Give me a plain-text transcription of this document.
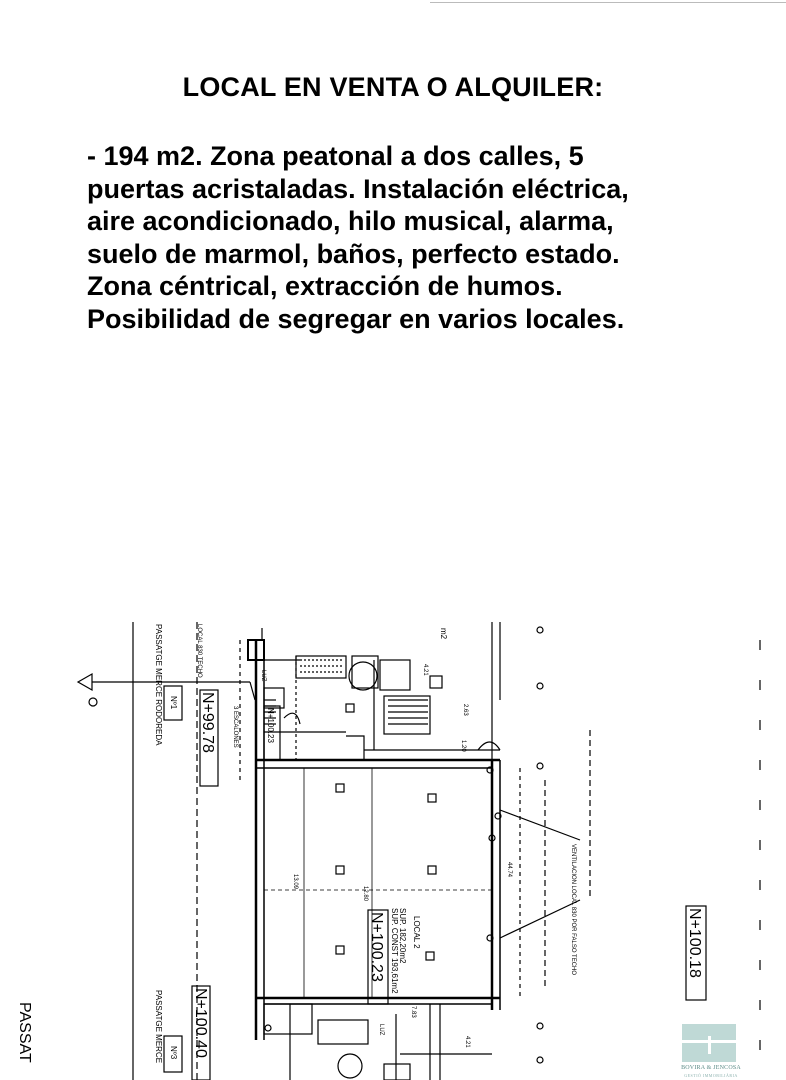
LOCAL EN VENTA O ALQUILER:
- 194 m2. Zona peatonal a dos calles, 5
puertas acristaladas. Instalación eléctrica,
aire acondicionado, hilo musical, alarma,
suelo de marmol, baños, perfecto estado.
Zona céntrical, extracción de humos.
Posibilidad de segregar en varios locales.
PASSATGE MERCE RODOREDA
PASSATGE MERCE
PASSAT
Nº1
Nº3
N+99.78	N+100.23
N+100.23	N+100.18
N+100.40
LOCAL 2
SUP. 182,20m2
SUP. CONST 193,61m2
LUZ
LUZ
4.21
2.63
1.20
44.74
13.09
12.80
7.83
4.21
m2
LOCAL 830 TECHO
3 ESCALONES
VENTILACION LOCAL 830 POR FALSO TECHO
BOVIRA & JENCOSA
GESTIÓ IMMOBILIÀRIA
